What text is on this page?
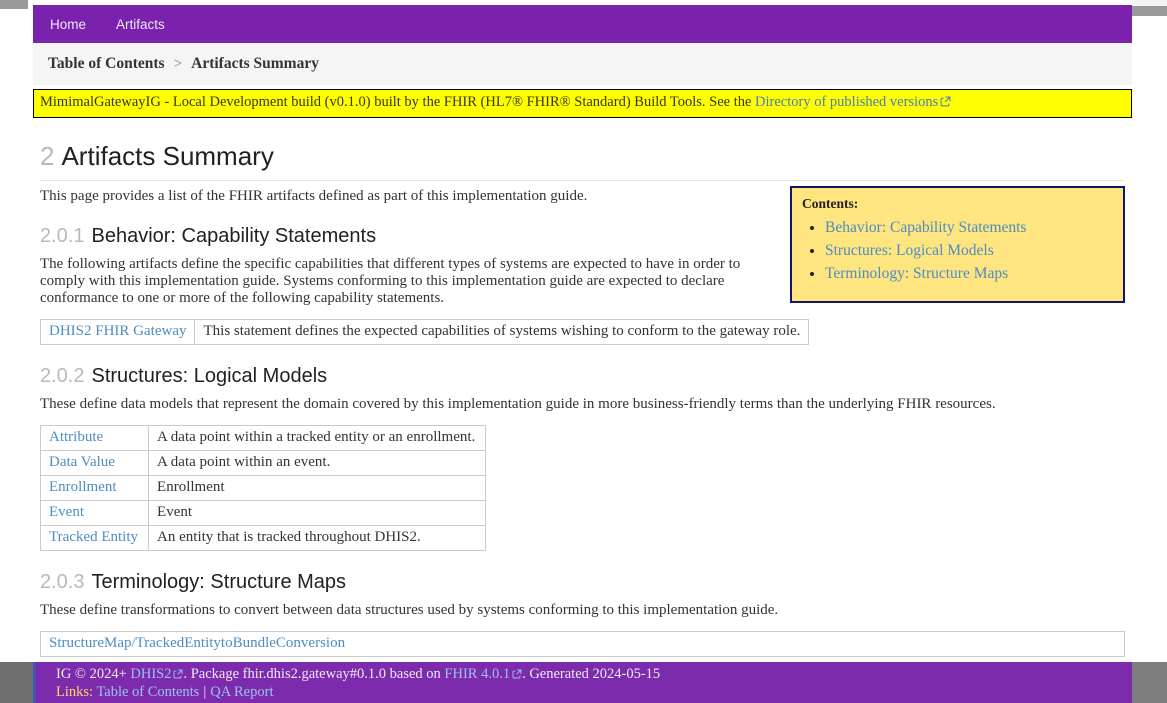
Home Artifacts
Table of Contents > Artifacts Summary
MimimalGatewayIG - Local Development build (v0.1.0) built by the FHIR (HL7® FHIR® Standard) Build Tools. See the Directory of published versions
2 Artifacts Summary
Contents:
• Behavior: Capability Statements
• Structures: Logical Models
• Terminology: Structure Maps

This page provides a list of the FHIR artifacts defined as part of this implementation guide.

2.0.1 Behavior: Capability Statements

The following artifacts define the specific capabilities that different types of systems are expected to have in order to comply with this implementation guide. Systems conforming to this implementation guide are expected to declare conformance to one or more of the following capability statements.

DHIS2 FHIR Gateway	This statement defines the expected capabilities of systems wishing to conform to the gateway role.
2.0.2 Structures: Logical Models

These define data models that represent the domain covered by this implementation guide in more business-friendly terms than the underlying FHIR resources.

Attribute	A data point within a tracked entity or an enrollment.
Data Value	A data point within an event.
Enrollment	Enrollment
Event	Event
Tracked Entity	An entity that is tracked throughout DHIS2.
2.0.3 Terminology: Structure Maps

These define transformations to convert between data structures used by systems conforming to this implementation guide.

StructureMap/TrackedEntitytoBundleConversion
IG © 2024+ DHIS2 . Package fhir.dhis2.gateway#0.1.0 based on FHIR 4.0.1 . Generated 2024-05-15
Links: Table of Contents | QA Report
